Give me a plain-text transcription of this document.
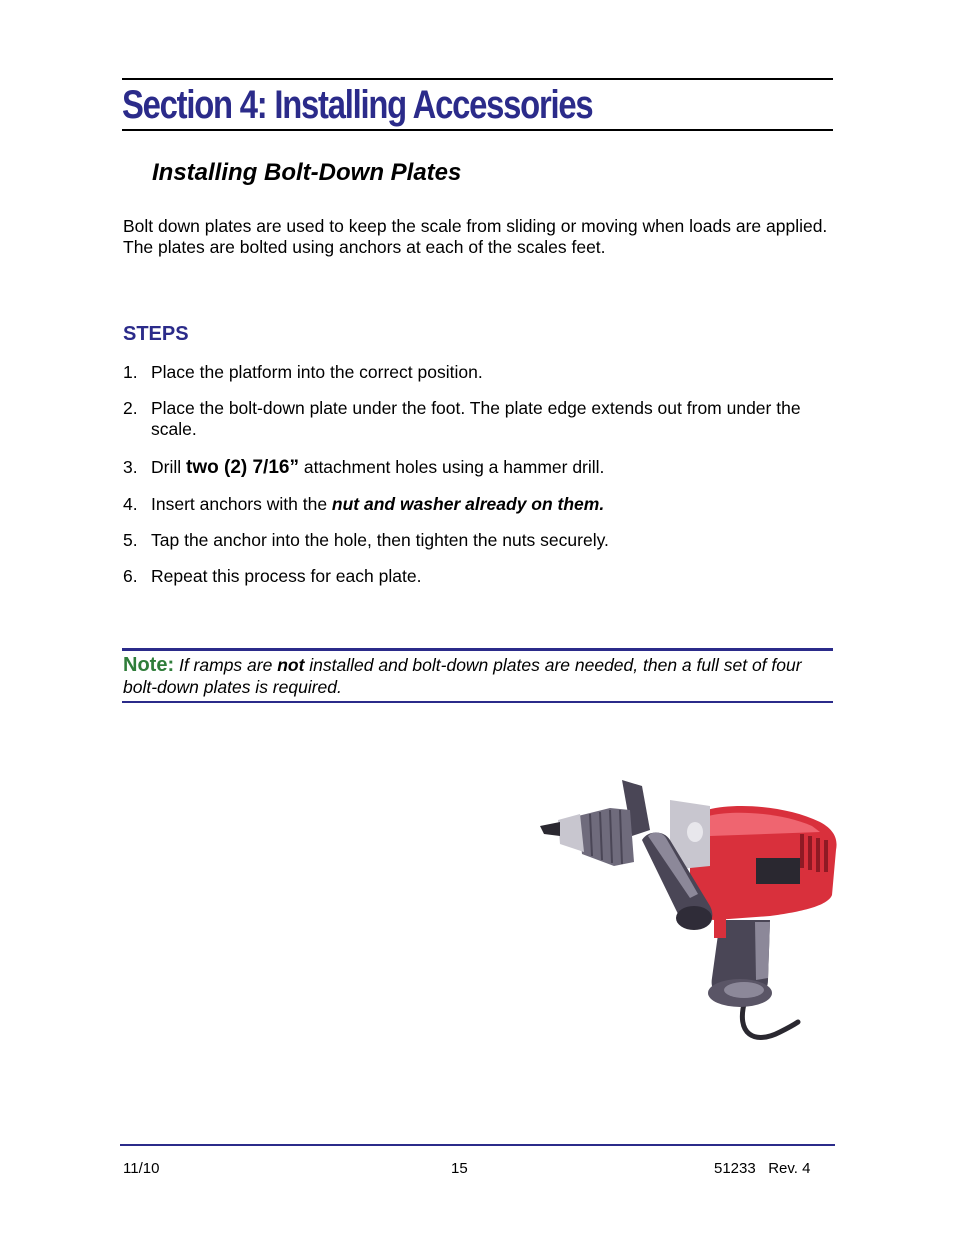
Section 4: Installing Accessories
Installing Bolt-Down Plates

Bolt down plates are used to keep the scale from sliding or moving when loads are applied. The plates are bolted using anchors at each of the scales feet.

STEPS
1. Place the platform into the correct position.
2. Place the bolt-down plate under the foot. The plate edge extends out from under the scale.
3. Drill two (2) 7/16” attachment holes using a hammer drill.
4. Insert anchors with the nut and washer already on them.
5. Tap the anchor into the hole, then tighten the nuts securely.
6. Repeat this process for each plate.

Note: If ramps are not installed and bolt-down plates are needed, then a full set of four bolt-down plates is required.

11/10	15	51233   Rev. 4
